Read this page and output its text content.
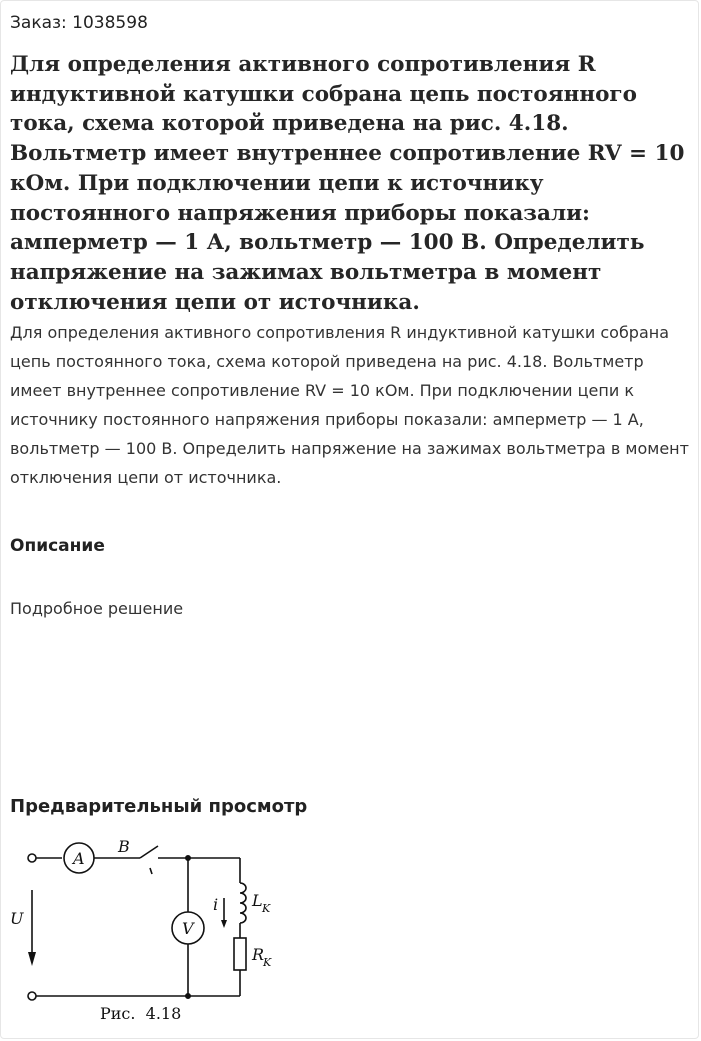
Заказ: 1038598
Для определения активного сопротивления R индуктивной катушки собрана цепь постоянного тока, схема которой приведена на рис. 4.18. Вольтметр имеет внутреннее сопротивление RV = 10 кОм. При подключении цепи к источнику постоянного напряжения приборы показали: амперметр — 1 А, вольтметр — 100 В. Определить напряжение на зажимах вольтметра в момент отключения цепи от источника.

Для определения активного сопротивления R индуктивной катушки собрана цепь постоянного тока, схема которой приведена на рис. 4.18. Вольтметр имеет внутреннее сопротивление RV = 10 кОм. При подключении цепи к источнику постоянного напряжения приборы показали: амперметр — 1 А, вольтметр — 100 В. Определить напряжение на зажимах вольтметра в момент отключения цепи от источника.

Описание
Подробное решение
Предварительный просмотр
A
B
V
U
i L K
R
K
Рис.  4.18
